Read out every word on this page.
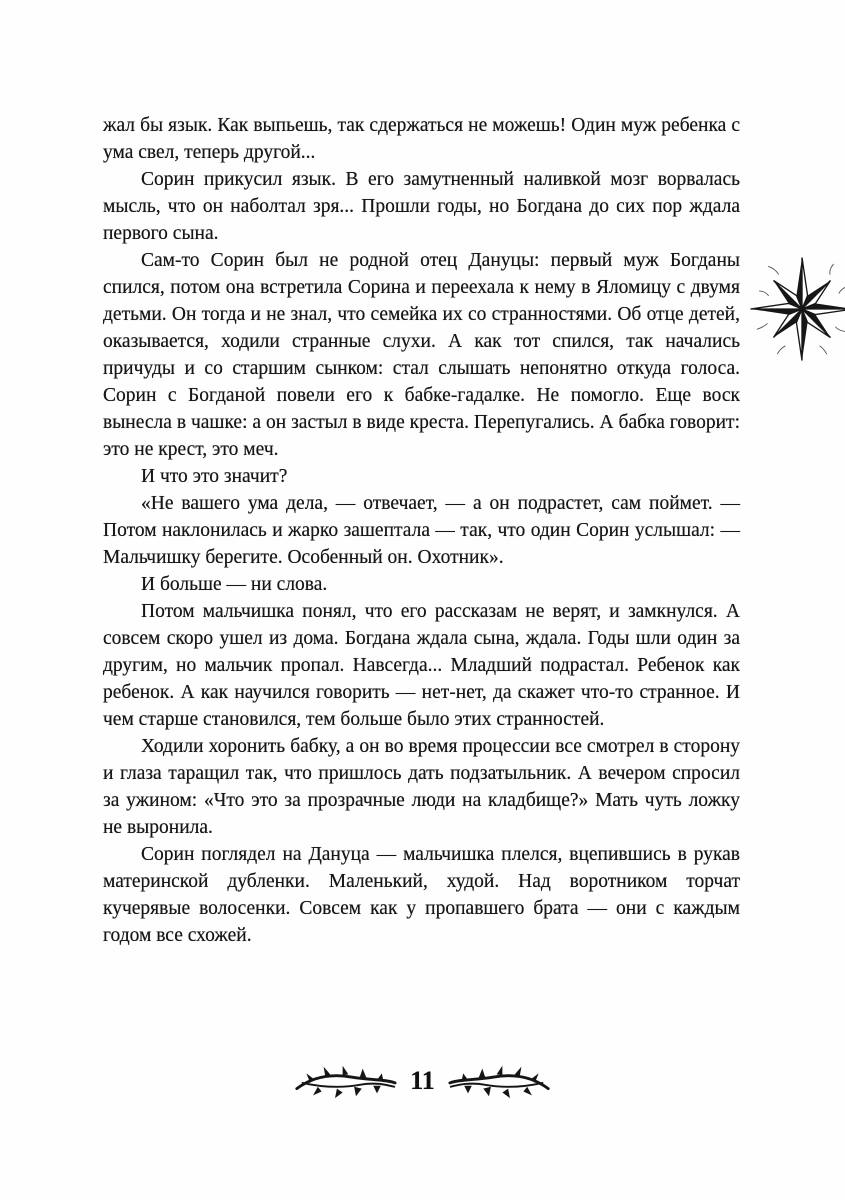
жал бы язык. Как выпьешь, так сдержаться не можешь! Один муж ребенка с ума свел, теперь другой...

Сорин прикусил язык. В его замутненный наливкой мозг ворвалась мысль, что он наболтал зря... Прошли годы, но Богдана до сих пор ждала первого сына.

Сам-то Сорин был не родной отец Дануцы: первый муж Богданы спился, потом она встретила Сорина и переехала к нему в Яломицу с двумя детьми. Он тогда и не знал, что семейка их со странностями. Об отце детей, оказывается, ходили странные слухи. А как тот спился, так начались причуды и со старшим сынком: стал слышать непонятно откуда голоса. Сорин с Богданой повели его к бабке-гадалке. Не помогло. Еще воск вынесла в чашке: а он застыл в виде креста. Перепугались. А бабка говорит: это не крест, это меч.

И что это значит?

«Не вашего ума дела, — отвечает, — а он подрастет, сам поймет. — Потом наклонилась и жарко зашептала — так, что один Сорин услышал: — Мальчишку берегите. Особенный он. Охотник».

И больше — ни слова.

Потом мальчишка понял, что его рассказам не верят, и замкнулся. А совсем скоро ушел из дома. Богдана ждала сына, ждала. Годы шли один за другим, но мальчик пропал. Навсегда... Младший подрастал. Ребенок как ребенок. А как научился говорить — нет-нет, да скажет что-то странное. И чем старше становился, тем больше было этих странностей.

Ходили хоронить бабку, а он во время процессии все смотрел в сторону и глаза таращил так, что пришлось дать подзатыльник. А вечером спросил за ужином: «Что это за прозрачные люди на кладбище?» Мать чуть ложку не выронила.

Сорин поглядел на Дануца — мальчишка плелся, вцепившись в рукав материнской дубленки. Маленький, худой. Над воротником торчат кучерявые волосенки. Совсем как у пропавшего брата — они с каждым годом все схожей.

11
